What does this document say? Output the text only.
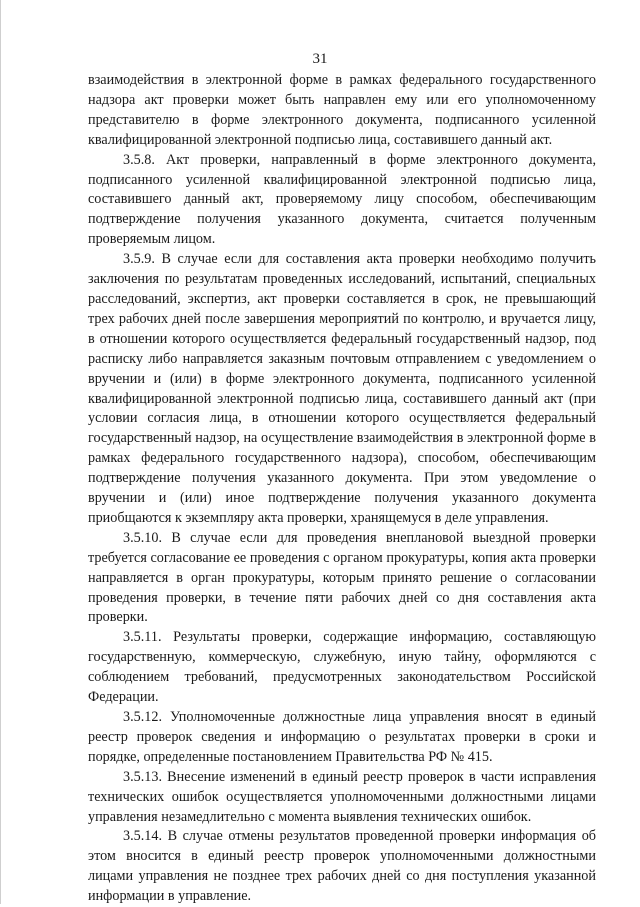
31

взаимодействия в электронной форме в рамках федерального государственного надзора акт проверки может быть направлен ему или его уполномоченному представителю в форме электронного документа, подписанного усиленной квалифицированной электронной подписью лица, составившего данный акт.

3.5.8. Акт проверки, направленный в форме электронного документа, подписанного усиленной квалифицированной электронной подписью лица, составившего данный акт, проверяемому лицу способом, обеспечивающим подтверждение получения указанного документа, считается полученным проверяемым лицом.

3.5.9. В случае если для составления акта проверки необходимо получить заключения по результатам проведенных исследований, испытаний, специальных расследований, экспертиз, акт проверки составляется в срок, не превышающий трех рабочих дней после завершения мероприятий по контролю, и вручается лицу, в отношении которого осуществляется федеральный государственный надзор, под расписку либо направляется заказным почтовым отправлением с уведомлением о вручении и (или) в форме электронного документа, подписанного усиленной квалифицированной электронной подписью лица, составившего данный акт (при условии согласия лица, в отношении которого осуществляется федеральный государственный надзор, на осуществление взаимодействия в электронной форме в рамках федерального государственного надзора), способом, обеспечивающим подтверждение получения указанного документа. При этом уведомление о вручении и (или) иное подтверждение получения указанного документа приобщаются к экземпляру акта проверки, хранящемуся в деле управления.

3.5.10. В случае если для проведения внеплановой выездной проверки требуется согласование ее проведения с органом прокуратуры, копия акта проверки направляется в орган прокуратуры, которым принято решение о согласовании проведения проверки, в течение пяти рабочих дней со дня составления акта проверки.

3.5.11. Результаты проверки, содержащие информацию, составляющую государственную, коммерческую, служебную, иную тайну, оформляются с соблюдением требований, предусмотренных законодательством Российской Федерации.

3.5.12. Уполномоченные должностные лица управления вносят в единый реестр проверок сведения и информацию о результатах проверки в сроки и порядке, определенные постановлением Правительства РФ № 415.

3.5.13. Внесение изменений в единый реестр проверок в части исправления технических ошибок осуществляется уполномоченными должностными лицами управления незамедлительно с момента выявления технических ошибок.

3.5.14. В случае отмены результатов проведенной проверки информация об этом вносится в единый реестр проверок уполномоченными должностными лицами управления не позднее трех рабочих дней со дня поступления указанной информации в управление.
